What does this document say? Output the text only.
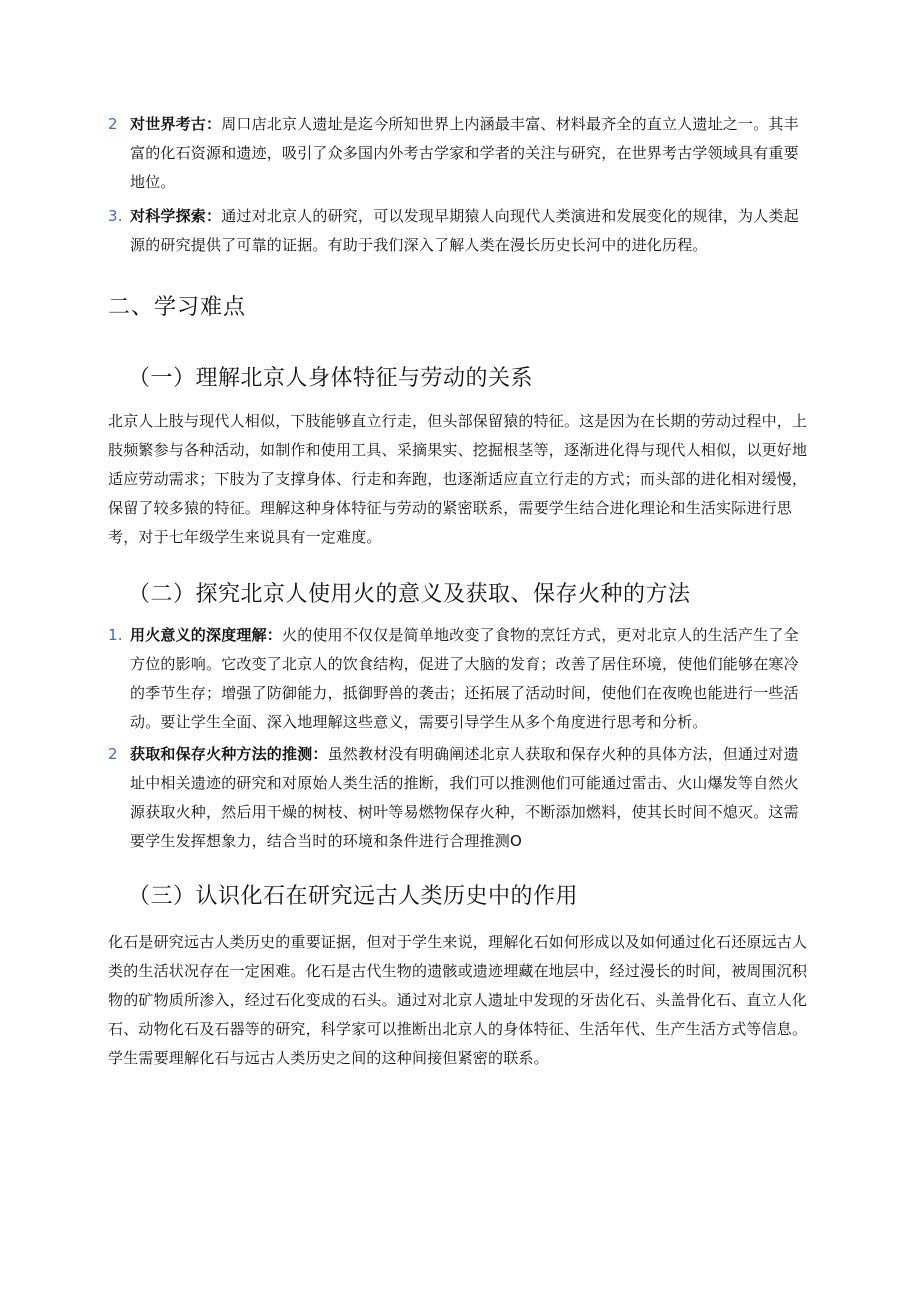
2 对世界考古：周口店北京人遗址是迄今所知世界上内涵最丰富、材料最齐全的直立人遗址之一。其丰富的化石资源和遗迹，吸引了众多国内外考古学家和学者的关注与研究，在世界考古学领域具有重要地位。
3. 对科学探索：通过对北京人的研究，可以发现早期猿人向现代人类演进和发展变化的规律，为人类起源的研究提供了可靠的证据。有助于我们深入了解人类在漫长历史长河中的进化历程。
二、学习难点
（一）理解北京人身体特征与劳动的关系
北京人上肢与现代人相似，下肢能够直立行走，但头部保留猿的特征。这是因为在长期的劳动过程中，上肢频繁参与各种活动，如制作和使用工具、采摘果实、挖掘根茎等，逐渐进化得与现代人相似，以更好地适应劳动需求；下肢为了支撑身体、行走和奔跑，也逐渐适应直立行走的方式；而头部的进化相对缓慢，保留了较多猿的特征。理解这种身体特征与劳动的紧密联系，需要学生结合进化理论和生活实际进行思考，对于七年级学生来说具有一定难度。
（二）探究北京人使用火的意义及获取、保存火种的方法
1. 用火意义的深度理解：火的使用不仅仅是简单地改变了食物的烹饪方式，更对北京人的生活产生了全方位的影响。它改变了北京人的饮食结构，促进了大脑的发育；改善了居住环境，使他们能够在寒冷的季节生存；增强了防御能力，抵御野兽的袭击；还拓展了活动时间，使他们在夜晚也能进行一些活动。要让学生全面、深入地理解这些意义，需要引导学生从多个角度进行思考和分析。
2 获取和保存火种方法的推测：虽然教材没有明确阐述北京人获取和保存火种的具体方法，但通过对遗址中相关遗迹的研究和对原始人类生活的推断，我们可以推测他们可能通过雷击、火山爆发等自然火源获取火种，然后用干燥的树枝、树叶等易燃物保存火种，不断添加燃料，使其长时间不熄灭。这需要学生发挥想象力，结合当时的环境和条件进行合理推测O
（三）认识化石在研究远古人类历史中的作用
化石是研究远古人类历史的重要证据，但对于学生来说，理解化石如何形成以及如何通过化石还原远古人类的生活状况存在一定困难。化石是古代生物的遗骸或遗迹埋藏在地层中，经过漫长的时间，被周围沉积物的矿物质所渗入，经过石化变成的石头。通过对北京人遗址中发现的牙齿化石、头盖骨化石、直立人化石、动物化石及石器等的研究，科学家可以推断出北京人的身体特征、生活年代、生产生活方式等信息。学生需要理解化石与远古人类历史之间的这种间接但紧密的联系。
